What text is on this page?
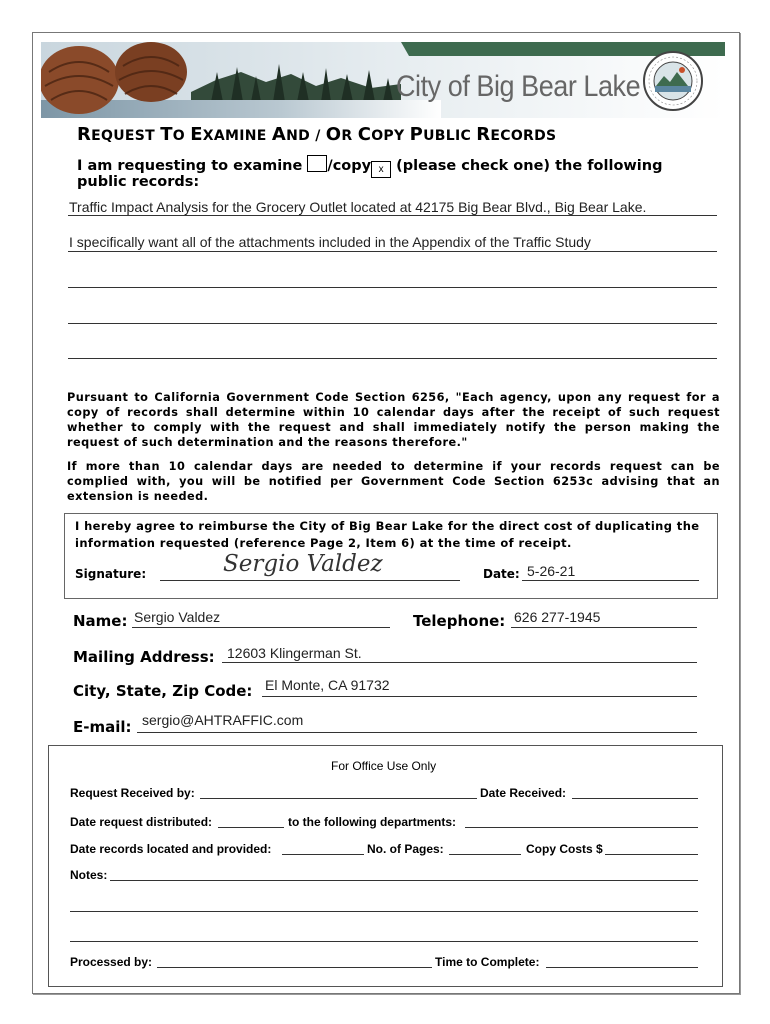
City of Big Bear Lake
REQUEST TO EXAMINE AND / OR COPY PUBLIC RECORDS
I am requesting to examine /copy x (please check one) the following
public records:
Traffic Impact Analysis for the Grocery Outlet located at 42175 Big Bear Blvd., Big Bear Lake.
I specifically want all of the attachments included in the Appendix of the Traffic Study
Pursuant to California Government Code Section 6256, "Each agency, upon any request for a copy of records shall determine within 10 calendar days after the receipt of such request whether to comply with the request and shall immediately notify the person making the request of such determination and the reasons therefore."
If more than 10 calendar days are needed to determine if your records request can be complied with, you will be notified per Government Code Section 6253c advising that an extension is needed.
I hereby agree to reimburse the City of Big Bear Lake for the direct cost of duplicating the information requested (reference Page 2, Item 6) at the time of receipt.
Signature:	Sergio Valdez	Date: 5-26-21
Name: Sergio Valdez	Telephone: 626 277-1945
Mailing Address: 12603 Klingerman St.
City, State, Zip Code: El Monte, CA 91732
E-mail: sergio@AHTRAFFIC.com
For Office Use Only
Request Received by:	Date Received:
Date request distributed:	to the following departments:
Date records located and provided:	No. of Pages:	Copy Costs $
Notes:
Processed by:	Time to Complete:
